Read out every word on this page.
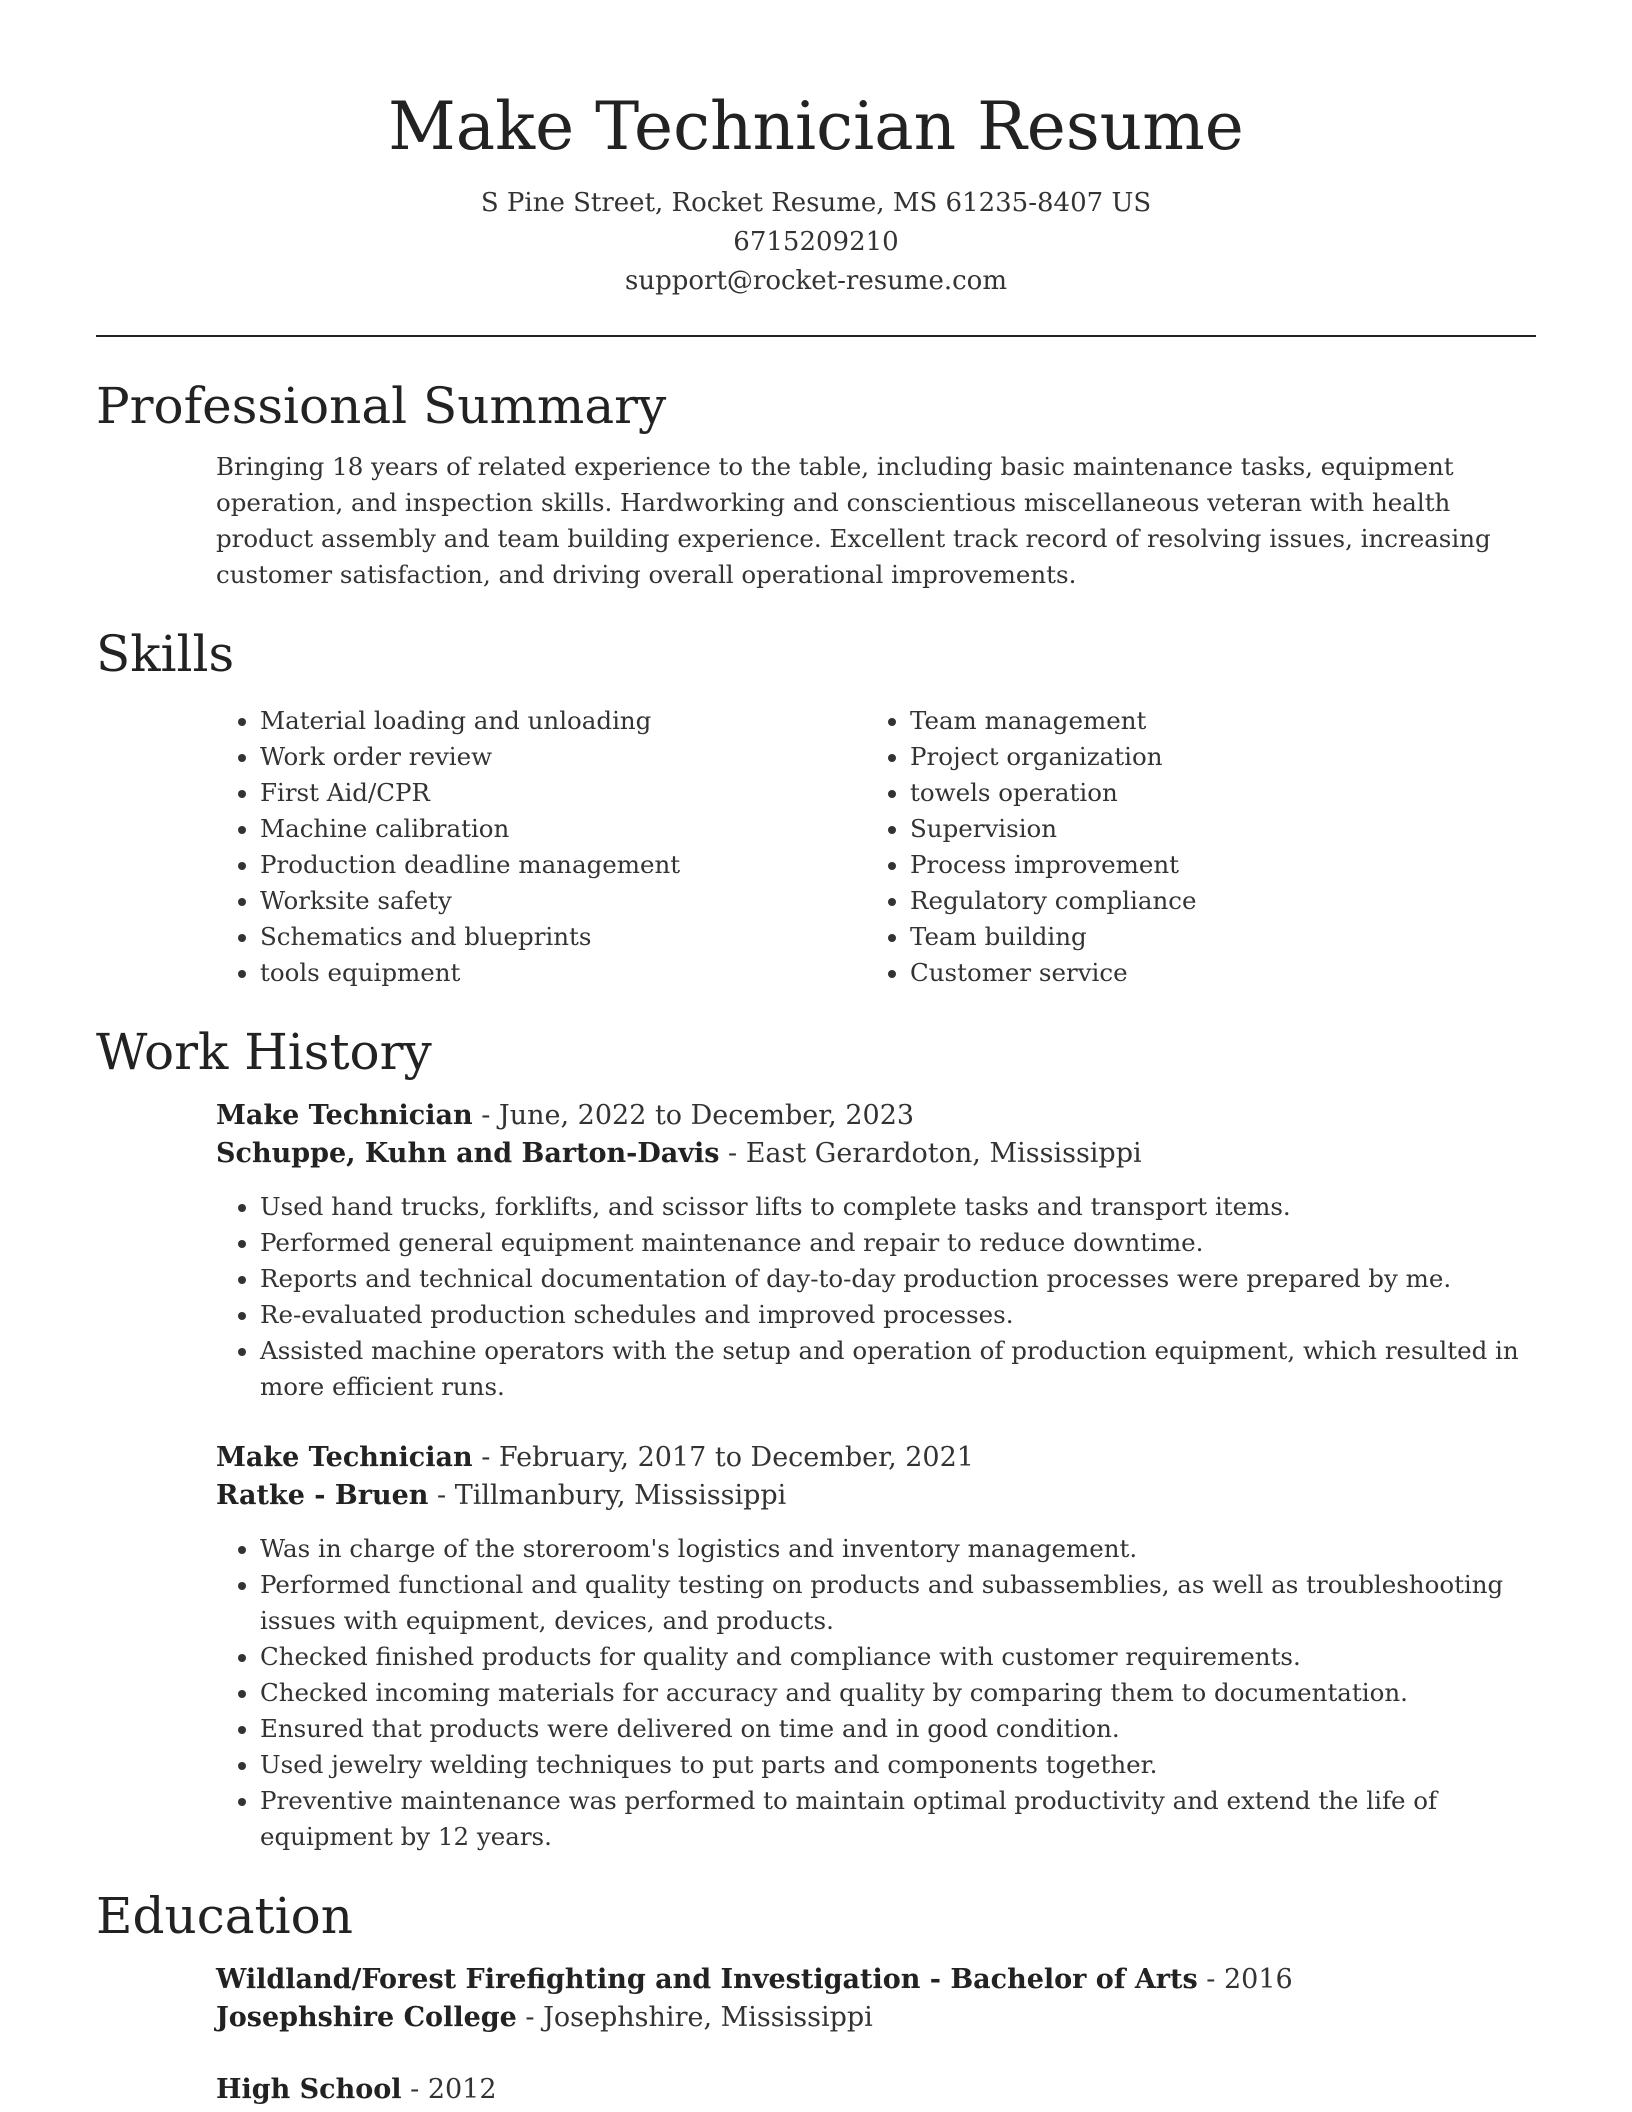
Make Technician Resume
S Pine Street, Rocket Resume, MS 61235-8407 US
6715209210
support@rocket-resume.com
Professional Summary

Bringing 18 years of related experience to the table, including basic maintenance tasks, equipment operation, and inspection skills. Hardworking and conscientious miscellaneous veteran with health product assembly and team building experience. Excellent track record of resolving issues, increasing customer satisfaction, and driving overall operational improvements.

Skills
• Material loading and unloading
• Work order review
• First Aid/CPR
• Machine calibration
• Production deadline management
• Worksite safety
• Schematics and blueprints
• tools equipment
• Team management
• Project organization
• towels operation
• Supervision
• Process improvement
• Regulatory compliance
• Team building
• Customer service
Work History
Make Technician - June, 2022 to December, 2023
Schuppe, Kuhn and Barton-Davis - East Gerardoton, Mississippi
• Used hand trucks, forklifts, and scissor lifts to complete tasks and transport items.
• Performed general equipment maintenance and repair to reduce downtime.
• Reports and technical documentation of day-to-day production processes were prepared by me.
• Re-evaluated production schedules and improved processes.
• Assisted machine operators with the setup and operation of production equipment, which resulted in more efficient runs.
Make Technician - February, 2017 to December, 2021
Ratke - Bruen - Tillmanbury, Mississippi
• Was in charge of the storeroom's logistics and inventory management.
• Performed functional and quality testing on products and subassemblies, as well as troubleshooting issues with equipment, devices, and products.
• Checked finished products for quality and compliance with customer requirements.
• Checked incoming materials for accuracy and quality by comparing them to documentation.
• Ensured that products were delivered on time and in good condition.
• Used jewelry welding techniques to put parts and components together.
• Preventive maintenance was performed to maintain optimal productivity and extend the life of equipment by 12 years.
Education
Wildland/Forest Firefighting and Investigation - Bachelor of Arts - 2016
Josephshire College - Josephshire, Mississippi
High School - 2012
